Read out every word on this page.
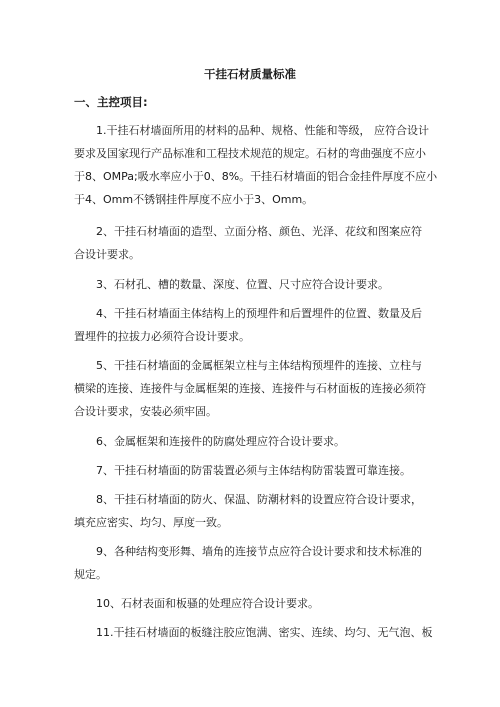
干挂石材质量标准
一、主控项目:

1.干挂石材墙面所用的材料的品种、规格、性能和等级， 应符合设计

要求及国家现行产品标准和工程技术规范的规定。石材的弯曲强度不应小

于8、OMPa;吸水率应小于0、8%。干挂石材墙面的铝合金挂件厚度不应小

于4、Omm不锈钢挂件厚度不应小于3、Omm。

2、干挂石材墙面的造型、立面分格、颜色、光泽、花纹和图案应符

合设计要求。

3、石材孔、槽的数量、深度、位置、尺寸应符合设计要求。

4、干挂石材墙面主体结构上的预埋件和后置埋件的位置、数量及后

置埋件的拉拔力必须符合设计要求。

5、干挂石材墙面的金属框架立柱与主体结构预埋件的连接、立柱与

横梁的连接、连接件与金属框架的连接、连接件与石材面板的连接必须符

合设计要求，安装必须牢固。

6、金属框架和连接件的防腐处理应符合设计要求。

7、干挂石材墙面的防雷装置必须与主体结构防雷装置可靠连接。

8、干挂石材墙面的防火、保温、防潮材料的设置应符合设计要求，

填充应密实、均匀、厚度一致。

9、各种结构变形舞、墙角的连接节点应符合设计要求和技术标准的

规定。

10、石材表面和板骚的处理应符合设计要求。

11.干挂石材墙面的板缝注胶应饱满、密实、连续、均匀、无气泡、板
